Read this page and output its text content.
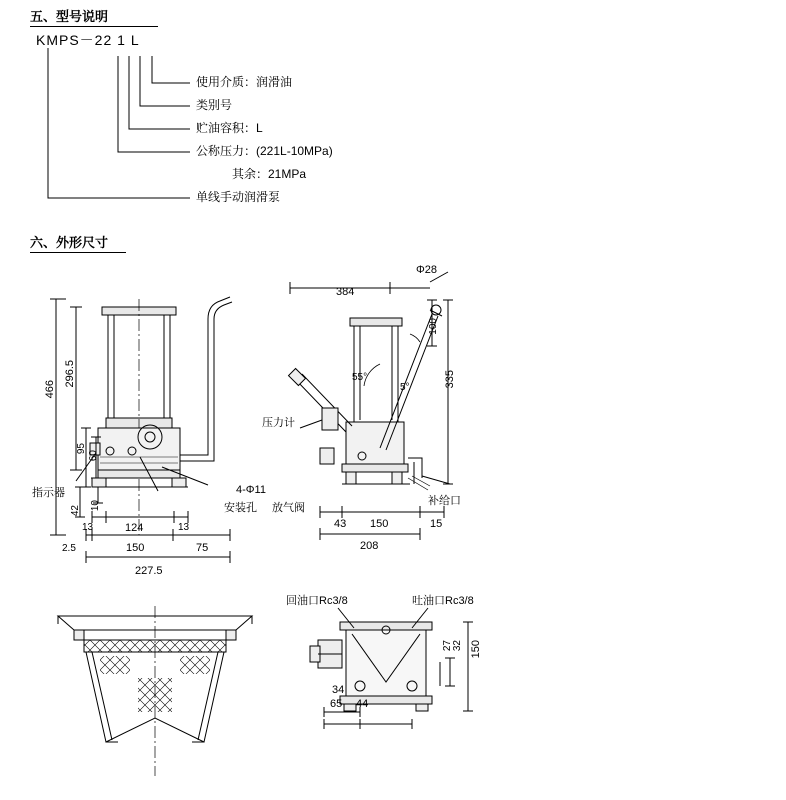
五、型号说明
KMPS－22 1 L
使用介质：润滑油
类别号
贮油容积：L
公称压力：(221L-10MPa)
其余：21MPa
单线手动润滑泵
六、外形尺寸
466
296.5
95
60
42 10
13	124	13
2.5	150	75
227.5
指示器	4-Φ11
安装孔 放气阀
384
Φ28
100
335
55°
5°
压力计
43 150	15
208
补给口
回油口Rc3/8	吐油口Rc3/8
150
32
27
34
65 44
